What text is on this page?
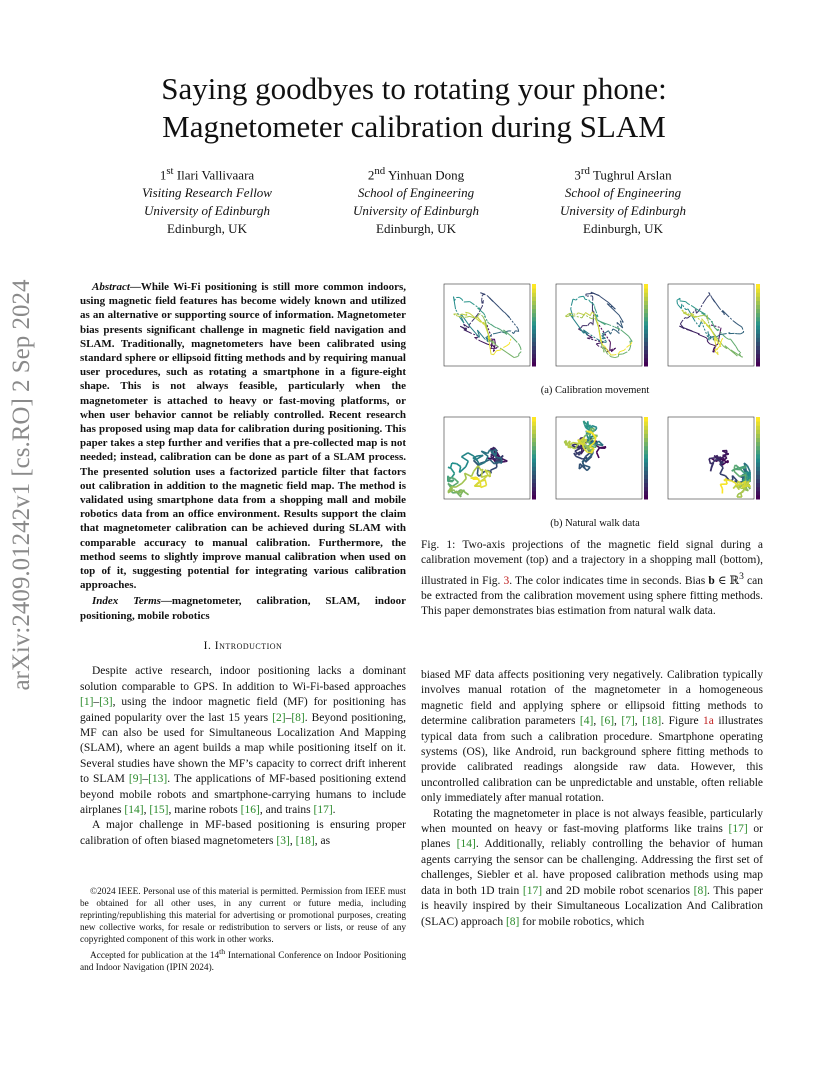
Saying goodbyes to rotating your phone:
Magnetometer calibration during SLAM
1st Ilari Vallivaara
Visiting Research Fellow
University of Edinburgh
Edinburgh, UK
2nd Yinhuan Dong
School of Engineering
University of Edinburgh
Edinburgh, UK
3rd Tughrul Arslan
School of Engineering
University of Edinburgh
Edinburgh, UK
arXiv:2409.01242v1 [cs.RO] 2 Sep 2024	Abstract—While Wi-Fi positioning is still more common indoors, using magnetic field features has become widely known and utilized as an alternative or supporting source of information. Magnetometer bias presents significant challenge in magnetic field navigation and SLAM. Traditionally, magnetometers have been calibrated using standard sphere or ellipsoid fitting methods and by requiring manual user procedures, such as rotating a smartphone in a figure-eight shape. This is not always feasible, particularly when the magnetometer is attached to heavy or fast-moving platforms, or when user behavior cannot be reliably controlled. Recent research has proposed using map data for calibration during positioning. This paper takes a step further and verifies that a pre-collected map is not needed; instead, calibration can be done as part of a SLAM process. The presented solution uses a factorized particle filter that factors out calibration in addition to the magnetic field map. The method is validated using smartphone data from a shopping mall and mobile robotics data from an office environment. Results support the claim that magnetometer calibration can be achieved during SLAM with comparable accuracy to manual calibration. Furthermore, the method seems to slightly improve manual calibration when used on top of it, suggesting potential for integrating various calibration approaches.

Index Terms—magnetometer, calibration, SLAM, indoor positioning, mobile robotics

I. Introduction

Despite active research, indoor positioning lacks a dominant solution comparable to GPS. In addition to Wi-Fi-based approaches [1]–[3], using the indoor magnetic field (MF) for positioning has gained popularity over the last 15 years [2]–[8]. Beyond positioning, MF can also be used for Simultaneous Localization And Mapping (SLAM), where an agent builds a map while positioning itself on it. Several studies have shown the MF’s capacity to correct drift inherent to SLAM [9]–[13]. The applications of MF-based positioning extend beyond mobile robots and smartphone-carrying humans to include airplanes [14], [15], marine robots [16], and trains [17].

A major challenge in MF-based positioning is ensuring proper calibration of often biased magnetometers [3], [18], as

©2024 IEEE. Personal use of this material is permitted. Permission from IEEE must be obtained for all other uses, in any current or future media, including reprinting/republishing this material for advertising or promotional purposes, creating new collective works, for resale or redistribution to servers or lists, or reuse of any copyrighted component of this work in other works.

Accepted for publication at the 14th International Conference on Indoor Positioning and Indoor Navigation (IPIN 2024).

(a) Calibration movement
(b) Natural walk data
Fig. 1: Two-axis projections of the magnetic field signal during a calibration movement (top) and a trajectory in a shopping mall (bottom), illustrated in Fig. 3. The color indicates time in seconds. Bias b ∈ ℝ$^3$ can be extracted from the calibration movement using sphere fitting methods. This paper demonstrates bias estimation from natural walk data.

biased MF data affects positioning very negatively. Calibration typically involves manual rotation of the magnetometer in a homogeneous magnetic field and applying sphere or ellipsoid fitting methods to determine calibration parameters [4], [6], [7], [18]. Figure 1a illustrates typical data from such a calibration procedure. Smartphone operating systems (OS), like Android, run background sphere fitting methods to provide calibrated readings alongside raw data. However, this uncontrolled calibration can be unpredictable and unstable, often reliable only immediately after manual rotation.

Rotating the magnetometer in place is not always feasible, particularly when mounted on heavy or fast-moving platforms like trains [17] or planes [14]. Additionally, reliably controlling the behavior of human agents carrying the sensor can be challenging. Addressing the first set of challenges, Siebler et al. have proposed calibration methods using map data in both 1D train [17] and 2D mobile robot scenarios [8]. This paper is heavily inspired by their Simultaneous Localization And Calibration (SLAC) approach [8] for mobile robotics, which
